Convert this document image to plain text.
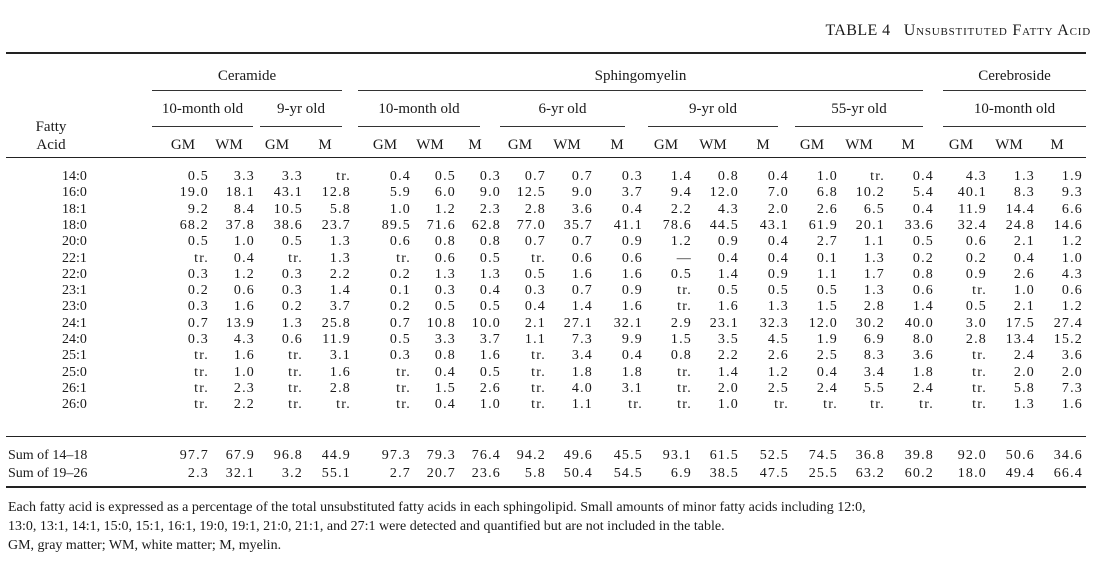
TABLE 4 Unsubstituted Fatty Acid
Fatty
Acid
Ceramide
10-month old
GM	WM
9-yr old
GM	M
Sphingomyelin
10-month old
GM	WM	M
6-yr old
GM	WM	M
9-yr old
GM	WM	M
55-yr old
GM	WM	M
Cerebroside
10-month old
GM	WM	M
14:0	0.5	3.3	3.3	tr.	0.4	0.5	0.3	0.7	0.7	0.3	1.4	0.8	0.4	1.0	tr.	0.4	4.3	1.3	1.9
16:0	19.0	18.1	43.1	12.8	5.9	6.0	9.0	12.5	9.0	3.7	9.4	12.0	7.0	6.8	10.2	5.4	40.1	8.3	9.3
18:1	9.2	8.4	10.5	5.8	1.0	1.2	2.3	2.8	3.6	0.4	2.2	4.3	2.0	2.6	6.5	0.4	11.9	14.4	6.6
18:0	68.2	37.8	38.6	23.7	89.5	71.6	62.8	77.0	35.7	41.1	78.6	44.5	43.1	61.9	20.1	33.6	32.4	24.8	14.6
20:0	0.5	1.0	0.5	1.3	0.6	0.8	0.8	0.7	0.7	0.9	1.2	0.9	0.4	2.7	1.1	0.5	0.6	2.1	1.2
22:1	tr.	0.4	tr.	1.3	tr.	0.6	0.5	tr.	0.6	0.6	—	0.4	0.4	0.1	1.3	0.2	0.2	0.4	1.0
22:0	0.3	1.2	0.3	2.2	0.2	1.3	1.3	0.5	1.6	1.6	0.5	1.4	0.9	1.1	1.7	0.8	0.9	2.6	4.3
23:1	0.2	0.6	0.3	1.4	0.1	0.3	0.4	0.3	0.7	0.9	tr.	0.5	0.5	0.5	1.3	0.6	tr.	1.0	0.6
23:0	0.3	1.6	0.2	3.7	0.2	0.5	0.5	0.4	1.4	1.6	tr.	1.6	1.3	1.5	2.8	1.4	0.5	2.1	1.2
24:1	0.7	13.9	1.3	25.8	0.7	10.8	10.0	2.1	27.1	32.1	2.9	23.1	32.3	12.0	30.2	40.0	3.0	17.5	27.4
24:0	0.3	4.3	0.6	11.9	0.5	3.3	3.7	1.1	7.3	9.9	1.5	3.5	4.5	1.9	6.9	8.0	2.8	13.4	15.2
25:1	tr.	1.6	tr.	3.1	0.3	0.8	1.6	tr.	3.4	0.4	0.8	2.2	2.6	2.5	8.3	3.6	tr.	2.4	3.6
25:0	tr.	1.0	tr.	1.6	tr.	0.4	0.5	tr.	1.8	1.8	tr.	1.4	1.2	0.4	3.4	1.8	tr.	2.0	2.0
26:1	tr.	2.3	tr.	2.8	tr.	1.5	2.6	tr.	4.0	3.1	tr.	2.0	2.5	2.4	5.5	2.4	tr.	5.8	7.3
26:0	tr.	2.2	tr.	tr.	tr.	0.4	1.0	tr.	1.1	tr.	tr.	1.0	tr.	tr.	tr.	tr.	tr.	1.3	1.6
Sum of 14–18	97.7	67.9	96.8	44.9	97.3	79.3	76.4	94.2	49.6	45.5	93.1	61.5	52.5	74.5	36.8	39.8	92.0	50.6	34.6
Sum of 19–26	2.3	32.1	3.2	55.1	2.7	20.7	23.6	5.8	50.4	54.5	6.9	38.5	47.5	25.5	63.2	60.2	18.0	49.4	66.4
Each fatty acid is expressed as a percentage of the total unsubstituted fatty acids in each sphingolipid. Small amounts of minor fatty acids including 12:0,
13:0, 13:1, 14:1, 15:0, 15:1, 16:1, 19:0, 19:1, 21:0, 21:1, and 27:1 were detected and quantified but are not included in the table.
GM, gray matter; WM, white matter; M, myelin.
